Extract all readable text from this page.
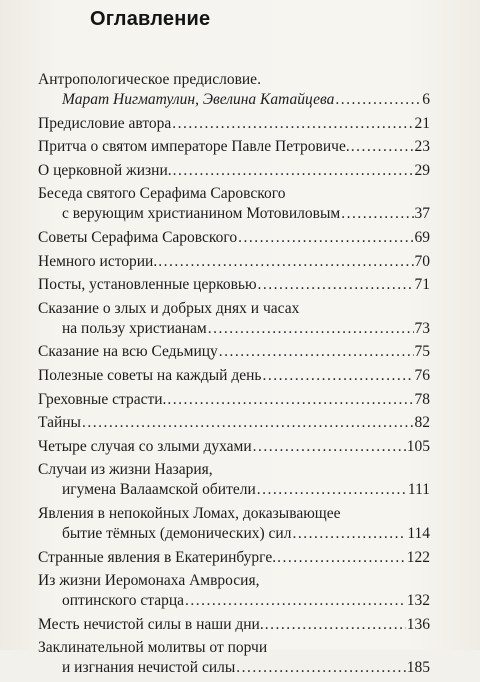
Оглавление
Антропологическое предисловие.
Марат Нигматулин, Эвелина Катайцева .....	6
Предисловие автора .....	21
Притча о святом императоре Павле Петровиче. .....	23
О церковной жизни. .....	29
Беседа святого Серафима Саровского
с верующим христианином Мотовиловым .....	37
Советы Серафима Саровского .....	69
Немного истории. .....	70
Посты, установленные церковью .....	71
Сказание о злых и добрых днях и часах
на пользу христианам .....	73
Сказание на всю Седьмицу .....	75
Полезные советы на каждый день .....	76
Греховные страсти. .....	78
Тайны .....	82
Четыре случая со злыми духами .....	105
Случаи из жизни Назария,
игумена Валаамской обители .....	111
Явления в непокойных Ломах, доказывающее
бытие тёмных (демонических) сил .....	114
Странные явления в Екатеринбурге. .....	122
Из жизни Иеромонаха Амвросия,
оптинского старца .....	132
Месть нечистой силы в наши дни. .....	136
Заклинательной молитвы от порчи
и изгнания нечистой силы .....	185
